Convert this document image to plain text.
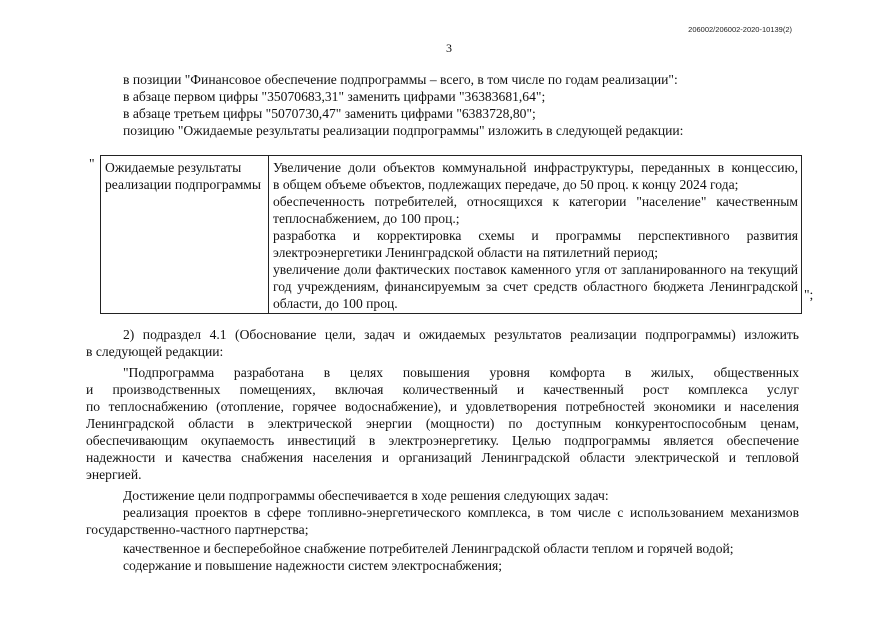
206002/206002-2020-10139(2)
3
в позиции "Финансовое обеспечение подпрограммы – всего, в том числе по годам реализации":
в абзаце первом цифры "35070683,31" заменить цифрами "36383681,64";
в абзаце третьем цифры "5070730,47" заменить цифрами "6383728,80";
позицию "Ожидаемые результаты реализации подпрограммы" изложить в следующей редакции:
" Ожидаемые результаты реализации подпрограммы
Увеличение доли объектов коммунальной инфраструктуры, переданных в концессию,
в общем объеме объектов, подлежащих передаче, до 50 проц. к концу 2024 года;
обеспеченность потребителей, относящихся к категории "население" качественным
теплоснабжением, до 100 проц.;
разработка и корректировка схемы и программы перспективного развития
электроэнергетики Ленинградской области на пятилетний период;
увеличение доли фактических поставок каменного угля от запланированного на текущий
год учреждениям, финансируемым за счет средств областного бюджета Ленинградской
области, до 100 проц.
";
2) подраздел 4.1 (Обоснование цели, задач и ожидаемых результатов реализации подпрограммы) изложить
в следующей редакции:
"Подпрограмма разработана в целях повышения уровня комфорта в жилых, общественных
и производственных помещениях, включая количественный и качественный рост комплекса услуг
по теплоснабжению (отопление, горячее водоснабжение), и удовлетворения потребностей экономики и населения
Ленинградской области в электрической энергии (мощности) по доступным конкурентоспособным ценам,
обеспечивающим окупаемость инвестиций в электроэнергетику. Целью подпрограммы является обеспечение
надежности и качества снабжения населения и организаций Ленинградской области электрической и тепловой
энергией.
Достижение цели подпрограммы обеспечивается в ходе решения следующих задач:
реализация проектов в сфере топливно-энергетического комплекса, в том числе с использованием механизмов
государственно-частного партнерства;
качественное и бесперебойное снабжение потребителей Ленинградской области теплом и горячей водой;
содержание и повышение надежности систем электроснабжения;
